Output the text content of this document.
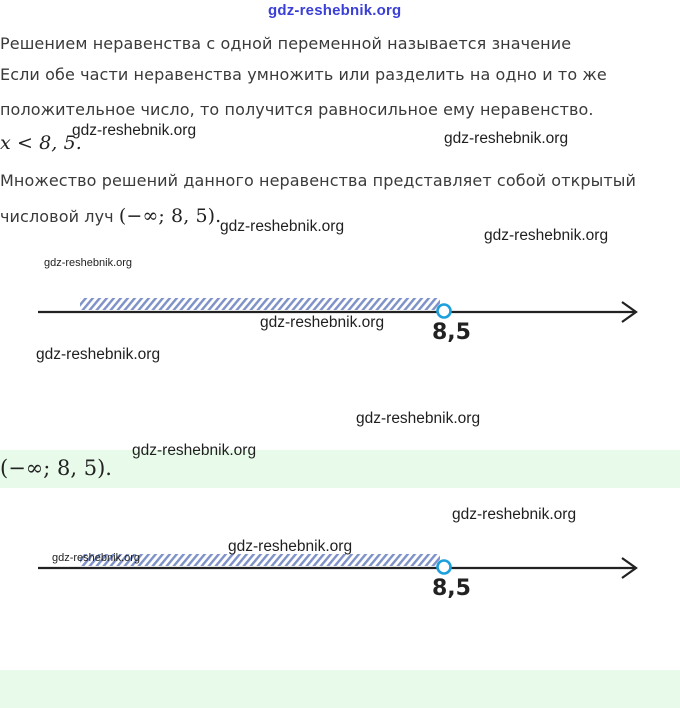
gdz-reshebnik.org
Решением неравенства с одной переменной называется значение
Если обе части неравенства умножить или разделить на одно и то же
положительное число, то получится равносильное ему неравенство.
x < 8, 5.
Множество решений данного неравенства представляет собой открытый
числовой луч (−∞; 8, 5).
gdz-reshebnik.org	gdz-reshebnik.org
gdz-reshebnik.org
gdz-reshebnik.org
gdz-reshebnik.org
8,5
gdz-reshebnik.org
gdz-reshebnik.org
gdz-reshebnik.org
(−∞; 8, 5).
gdz-reshebnik.org
gdz-reshebnik.org
8,5
gdz-reshebnik.org
gdz-reshebnik.org
